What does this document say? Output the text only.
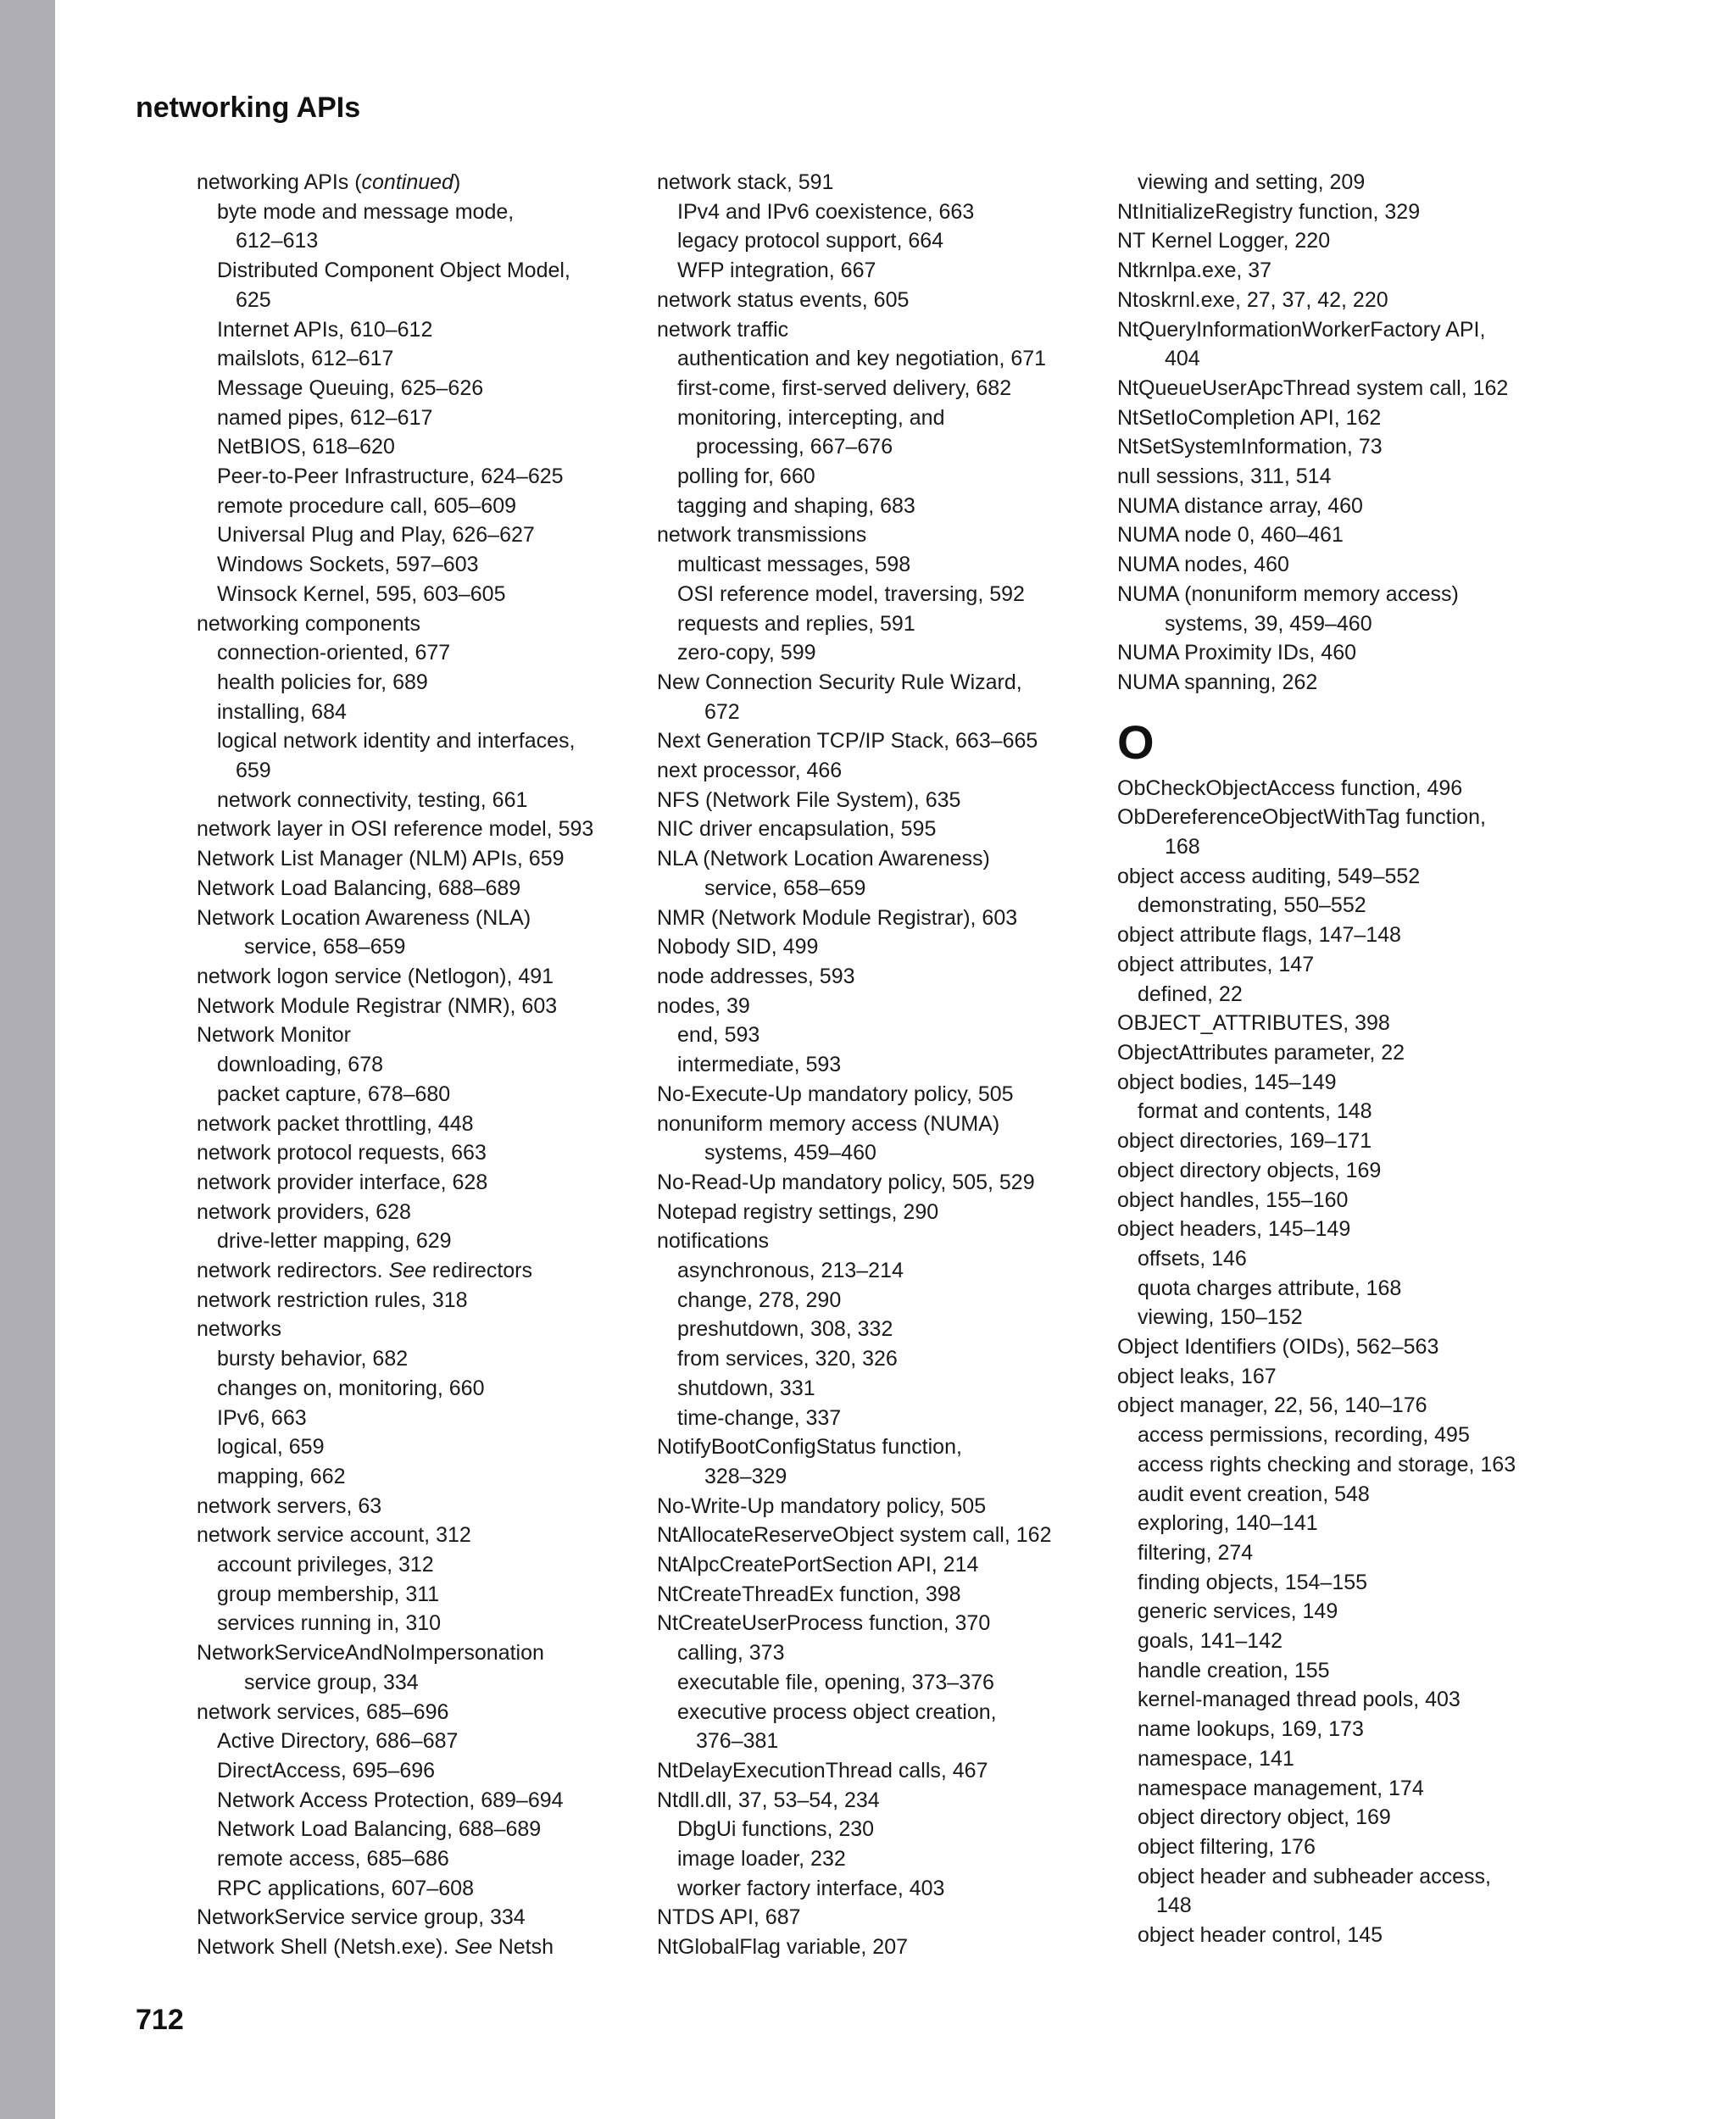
networking APIs
networking APIs (continued)
byte mode and message mode,
612–613
Distributed Component Object Model,
625
Internet APIs, 610–612
mailslots, 612–617
Message Queuing, 625–626
named pipes, 612–617
NetBIOS, 618–620
Peer-to-Peer Infrastructure, 624–625
remote procedure call, 605–609
Universal Plug and Play, 626–627
Windows Sockets, 597–603
Winsock Kernel, 595, 603–605
networking components
connection-oriented, 677
health policies for, 689
installing, 684
logical network identity and interfaces,
659
network connectivity, testing, 661
network layer in OSI reference model, 593
Network List Manager (NLM) APIs, 659
Network Load Balancing, 688–689
Network Location Awareness (NLA)
service, 658–659
network logon service (Netlogon), 491
Network Module Registrar (NMR), 603
Network Monitor
downloading, 678
packet capture, 678–680
network packet throttling, 448
network protocol requests, 663
network provider interface, 628
network providers, 628
drive-letter mapping, 629
network redirectors. See redirectors
network restriction rules, 318
networks
bursty behavior, 682
changes on, monitoring, 660
IPv6, 663
logical, 659
mapping, 662
network servers, 63
network service account, 312
account privileges, 312
group membership, 311
services running in, 310
NetworkServiceAndNoImpersonation
service group, 334
network services, 685–696
Active Directory, 686–687
DirectAccess, 695–696
Network Access Protection, 689–694
Network Load Balancing, 688–689
remote access, 685–686
RPC applications, 607–608
NetworkService service group, 334
Network Shell (Netsh.exe). See Netsh
network stack, 591
IPv4 and IPv6 coexistence, 663
legacy protocol support, 664
WFP integration, 667
network status events, 605
network traffic
authentication and key negotiation, 671
first-come, first-served delivery, 682
monitoring, intercepting, and
processing, 667–676
polling for, 660
tagging and shaping, 683
network transmissions
multicast messages, 598
OSI reference model, traversing, 592
requests and replies, 591
zero-copy, 599
New Connection Security Rule Wizard,
672
Next Generation TCP/IP Stack, 663–665
next processor, 466
NFS (Network File System), 635
NIC driver encapsulation, 595
NLA (Network Location Awareness)
service, 658–659
NMR (Network Module Registrar), 603
Nobody SID, 499
node addresses, 593
nodes, 39
end, 593
intermediate, 593
No-Execute-Up mandatory policy, 505
nonuniform memory access (NUMA)
systems, 459–460
No-Read-Up mandatory policy, 505, 529
Notepad registry settings, 290
notifications
asynchronous, 213–214
change, 278, 290
preshutdown, 308, 332
from services, 320, 326
shutdown, 331
time-change, 337
NotifyBootConfigStatus function,
328–329
No-Write-Up mandatory policy, 505
NtAllocateReserveObject system call, 162
NtAlpcCreatePortSection API, 214
NtCreateThreadEx function, 398
NtCreateUserProcess function, 370
calling, 373
executable file, opening, 373–376
executive process object creation,
376–381
NtDelayExecutionThread calls, 467
Ntdll.dll, 37, 53–54, 234
DbgUi functions, 230
image loader, 232
worker factory interface, 403
NTDS API, 687
NtGlobalFlag variable, 207
viewing and setting, 209
NtInitializeRegistry function, 329
NT Kernel Logger, 220
Ntkrnlpa.exe, 37
Ntoskrnl.exe, 27, 37, 42, 220
NtQueryInformationWorkerFactory API,
404
NtQueueUserApcThread system call, 162
NtSetIoCompletion API, 162
NtSetSystemInformation, 73
null sessions, 311, 514
NUMA distance array, 460
NUMA node 0, 460–461
NUMA nodes, 460
NUMA (nonuniform memory access)
systems, 39, 459–460
NUMA Proximity IDs, 460
NUMA spanning, 262
O
ObCheckObjectAccess function, 496
ObDereferenceObjectWithTag function,
168
object access auditing, 549–552
demonstrating, 550–552
object attribute flags, 147–148
object attributes, 147
defined, 22
OBJECT_ATTRIBUTES, 398
ObjectAttributes parameter, 22
object bodies, 145–149
format and contents, 148
object directories, 169–171
object directory objects, 169
object handles, 155–160
object headers, 145–149
offsets, 146
quota charges attribute, 168
viewing, 150–152
Object Identifiers (OIDs), 562–563
object leaks, 167
object manager, 22, 56, 140–176
access permissions, recording, 495
access rights checking and storage, 163
audit event creation, 548
exploring, 140–141
filtering, 274
finding objects, 154–155
generic services, 149
goals, 141–142
handle creation, 155
kernel-managed thread pools, 403
name lookups, 169, 173
namespace, 141
namespace management, 174
object directory object, 169
object filtering, 176
object header and subheader access,
148
object header control, 145
712
